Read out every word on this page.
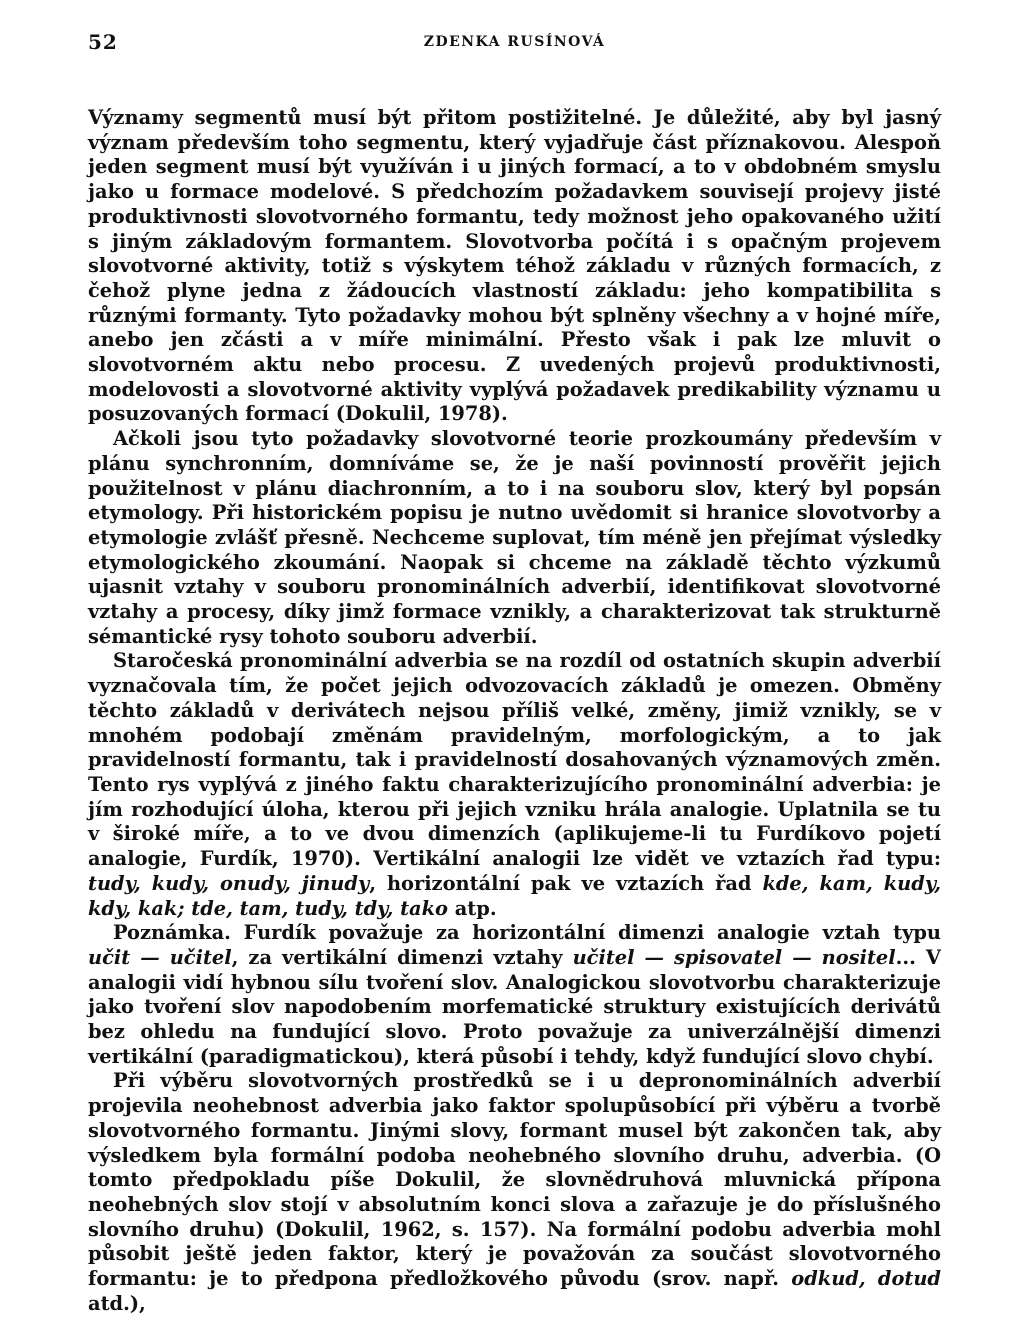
52	ZDENKA RUSÍNOVÁ

Významy segmentů musí být přitom postižitelné. Je důležité, aby byl jasný význam především toho segmentu, který vyjadřuje část příznakovou. Alespoň jeden segment musí být využíván i u jiných formací, a to v obdobném smyslu jako u formace modelové. S předchozím požadavkem souvisejí projevy jisté produktivnosti slovotvorného formantu, tedy možnost jeho opakovaného užití s jiným základovým formantem. Slovotvorba počítá i s opačným projevem slovotvorné aktivity, totiž s výskytem téhož základu v různých formacích, z čehož plyne jedna z žádoucích vlastností základu: jeho kompatibilita s různými formanty. Tyto požadavky mohou být splněny všechny a v hojné míře, anebo jen zčásti a v míře minimální. Přesto však i pak lze mluvit o slovotvorném aktu nebo procesu. Z uvedených projevů produktivnosti, modelovosti a slovotvorné aktivity vyplývá požadavek predikability významu u posuzovaných formací (Dokulil, 1978).

Ačkoli jsou tyto požadavky slovotvorné teorie prozkoumány především v plánu synchronním, domníváme se, že je naší povinností prověřit jejich použitelnost v plánu diachronním, a to i na souboru slov, který byl popsán etymology. Při historickém popisu je nutno uvědomit si hranice slovotvorby a etymologie zvlášť přesně. Nechceme suplovat, tím méně jen přejímat výsledky etymologického zkoumání. Naopak si chceme na základě těchto výzkumů ujasnit vztahy v souboru pronominálních adverbií, identifikovat slovotvorné vztahy a procesy, díky jimž formace vznikly, a charakterizovat tak strukturně sémantické rysy tohoto souboru adverbií.

Staročeská pronominální adverbia se na rozdíl od ostatních skupin adverbií vyznačovala tím, že počet jejich odvozovacích základů je omezen. Obměny těchto základů v derivátech nejsou příliš velké, změny, jimiž vznikly, se v mnohém podobají změnám pravidelným, morfologickým, a to jak pravidelností formantu, tak i pravidelností dosahovaných významových změn. Tento rys vyplývá z jiného faktu charakterizujícího pronominální adverbia: je jím rozhodující úloha, kterou při jejich vzniku hrála analogie. Uplatnila se tu v široké míře, a to ve dvou dimenzích (aplikujeme-li tu Furdíkovo pojetí analogie, Furdík, 1970). Vertikální analogii lze vidět ve vztazích řad typu: tudy, kudy, onudy, jinudy, horizontální pak ve vztazích řad kde, kam, kudy, kdy, kak; tde, tam, tudy, tdy, tako atp.

Poznámka. Furdík považuje za horizontální dimenzi analogie vztah typu učit — učitel, za vertikální dimenzi vztahy učitel — spisovatel — nositel... V analogii vidí hybnou sílu tvoření slov. Analogickou slovotvorbu charakterizuje jako tvoření slov napodobením morfematické struktury existujících derivátů bez ohledu na fundující slovo. Proto považuje za univerzálnější dimenzi vertikální (paradigmatickou), která působí i tehdy, když fundující slovo chybí.

Při výběru slovotvorných prostředků se i u depronominálních adverbií projevila neohebnost adverbia jako faktor spolupůsobící při výběru a tvorbě slovotvorného formantu. Jinými slovy, formant musel být zakončen tak, aby výsledkem byla formální podoba neohebného slovního druhu, adverbia. (O tomto předpokladu píše Dokulil, že slovnědruhová mluvnická přípona neohebných slov stojí v absolutním konci slova a zařazuje je do příslušného slovního druhu) (Dokulil, 1962, s. 157). Na formální podobu adverbia mohl působit ještě jeden faktor, který je považován za součást slovotvorného formantu: je to předpona předložkového původu (srov. např. odkud, dotud atd.),
